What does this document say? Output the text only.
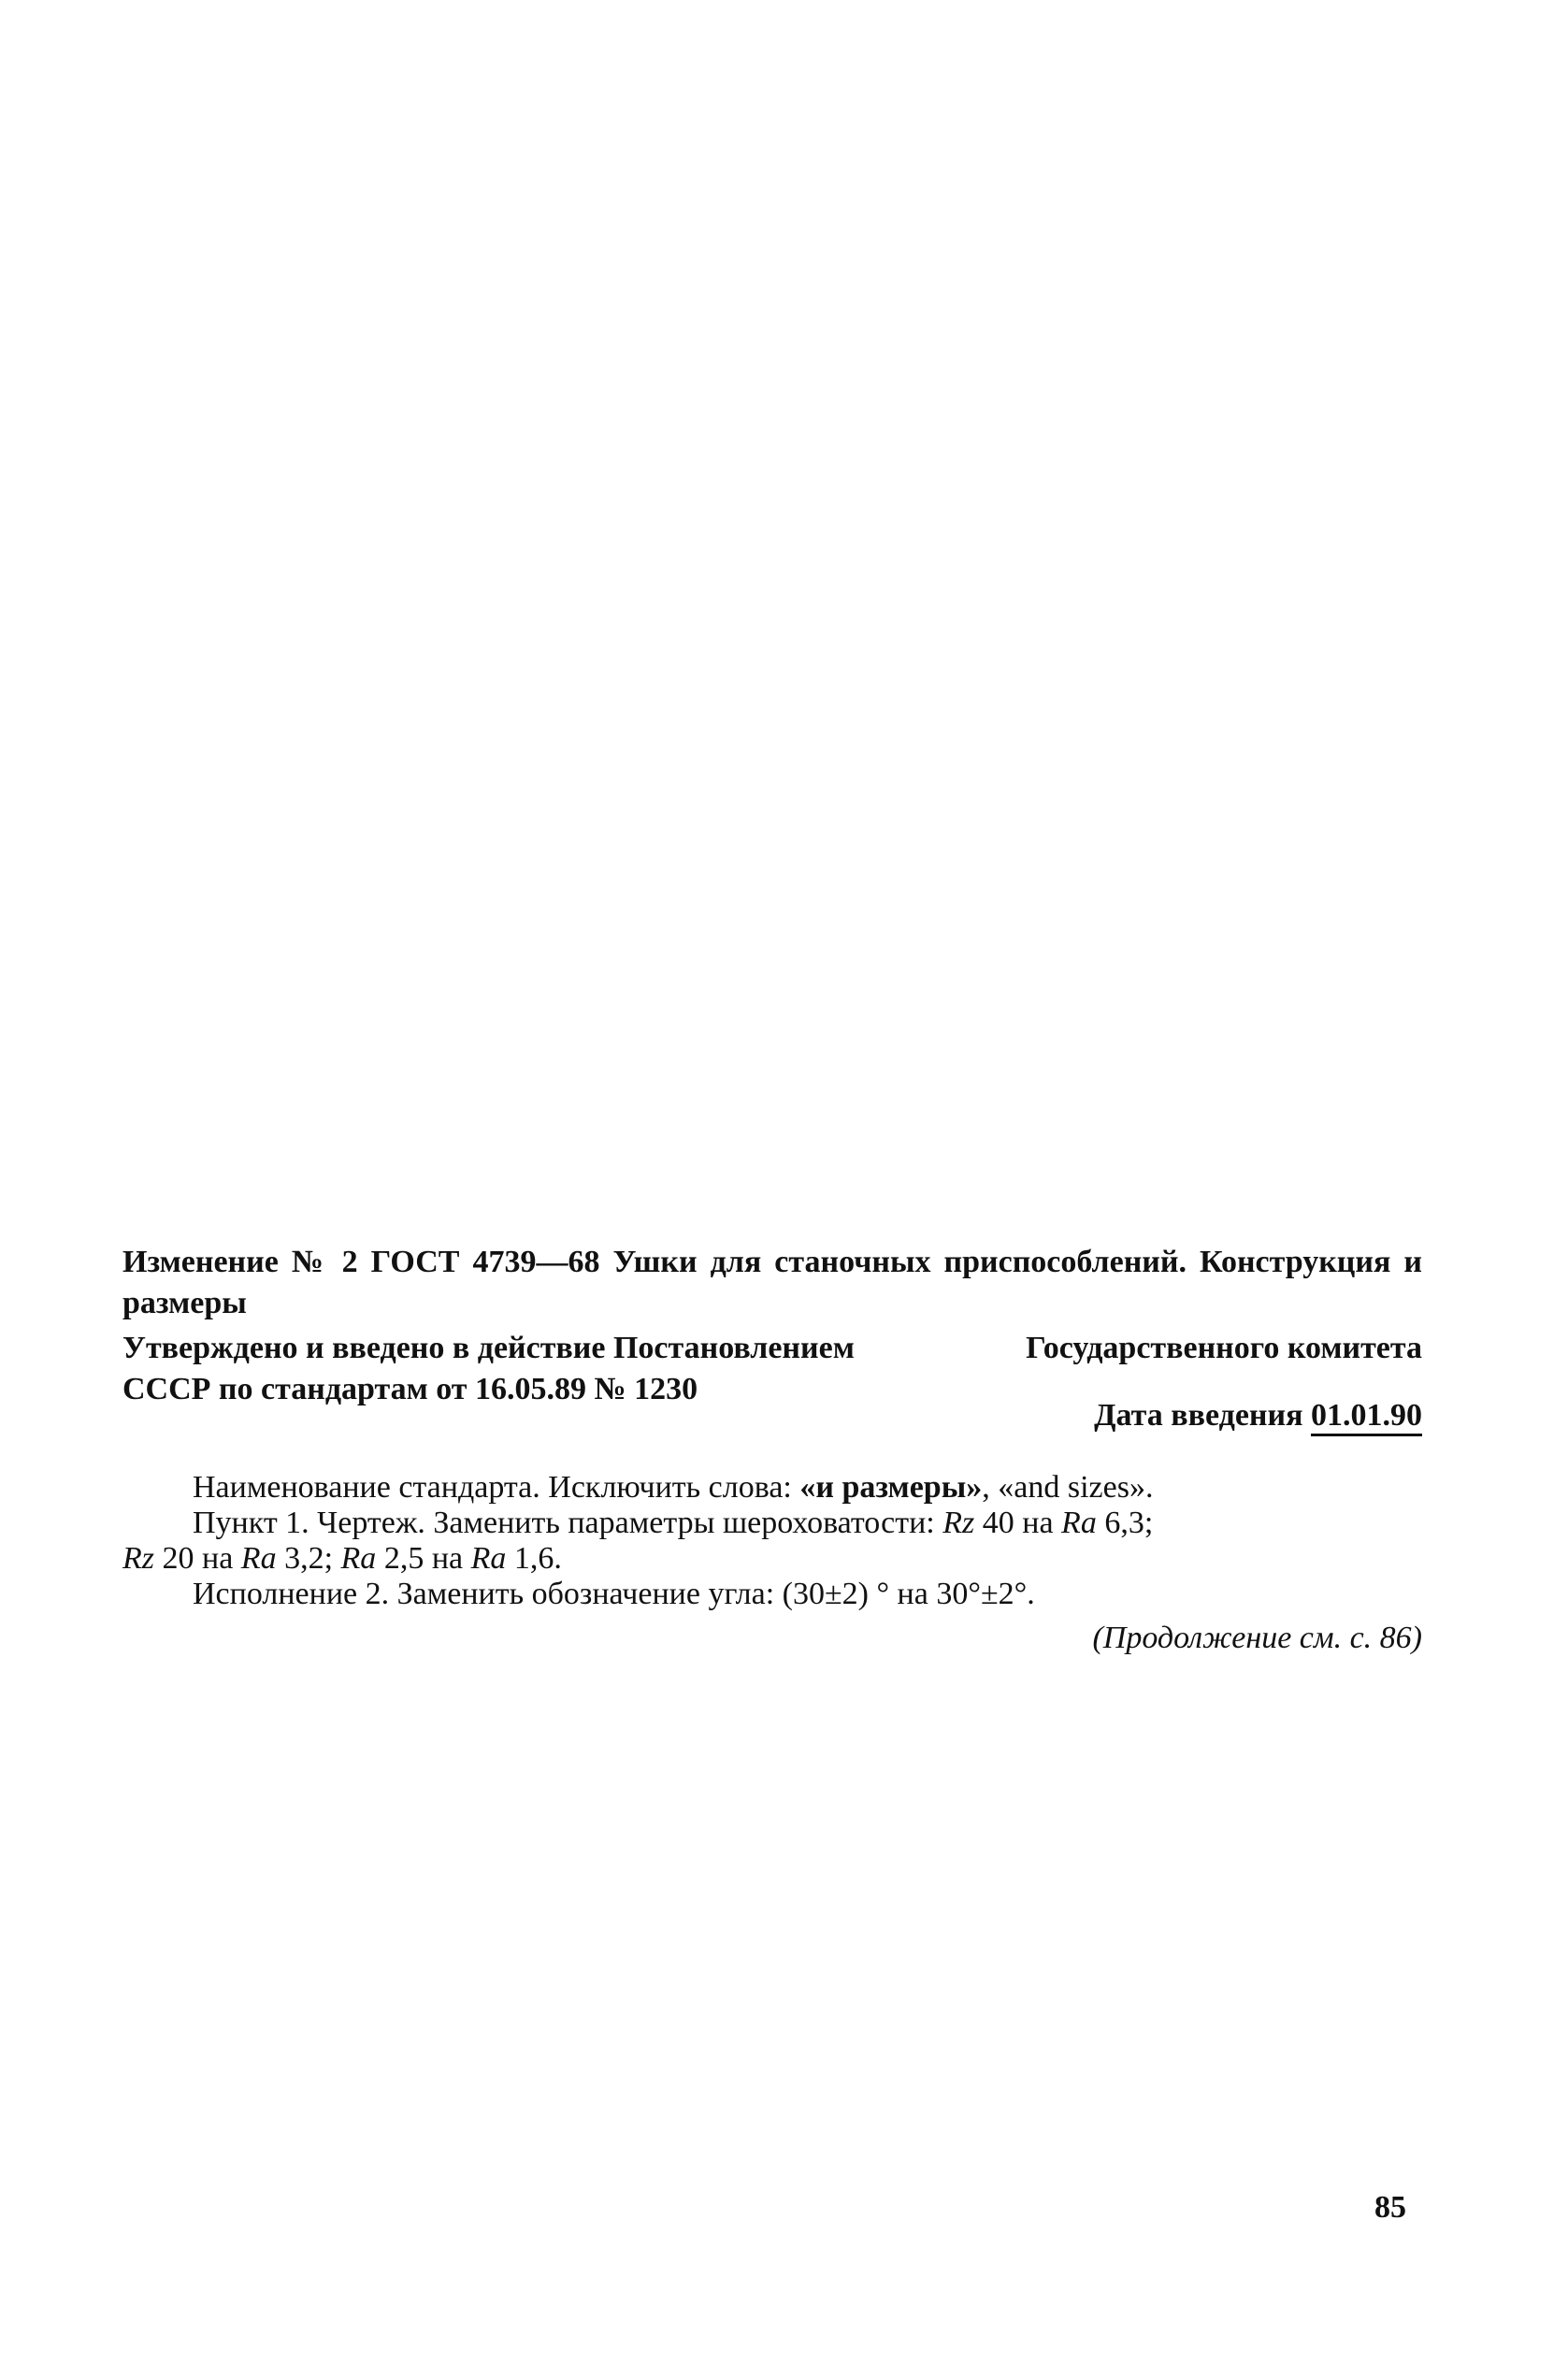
Изменение № 2 ГОСТ 4739—68 Ушки для станочных приспособлений. Конструкция и размеры
Утверждено и введено в действие Постановлением	Государственного комитета
СССР по стандартам от 16.05.89 № 1230
Дата введения 01.01.90

Наименование стандарта. Исключить слова: «и размеры», «and sizes».

Пункт 1. Чертеж. Заменить параметры шероховатости: Rz 40 на Ra 6,3;

Rz 20 на Ra 3,2; Ra 2,5 на Ra 1,6.

Исполнение 2. Заменить обозначение угла: (30±2) ° на 30°±2°.

(Продолжение см. с. 86)
85
